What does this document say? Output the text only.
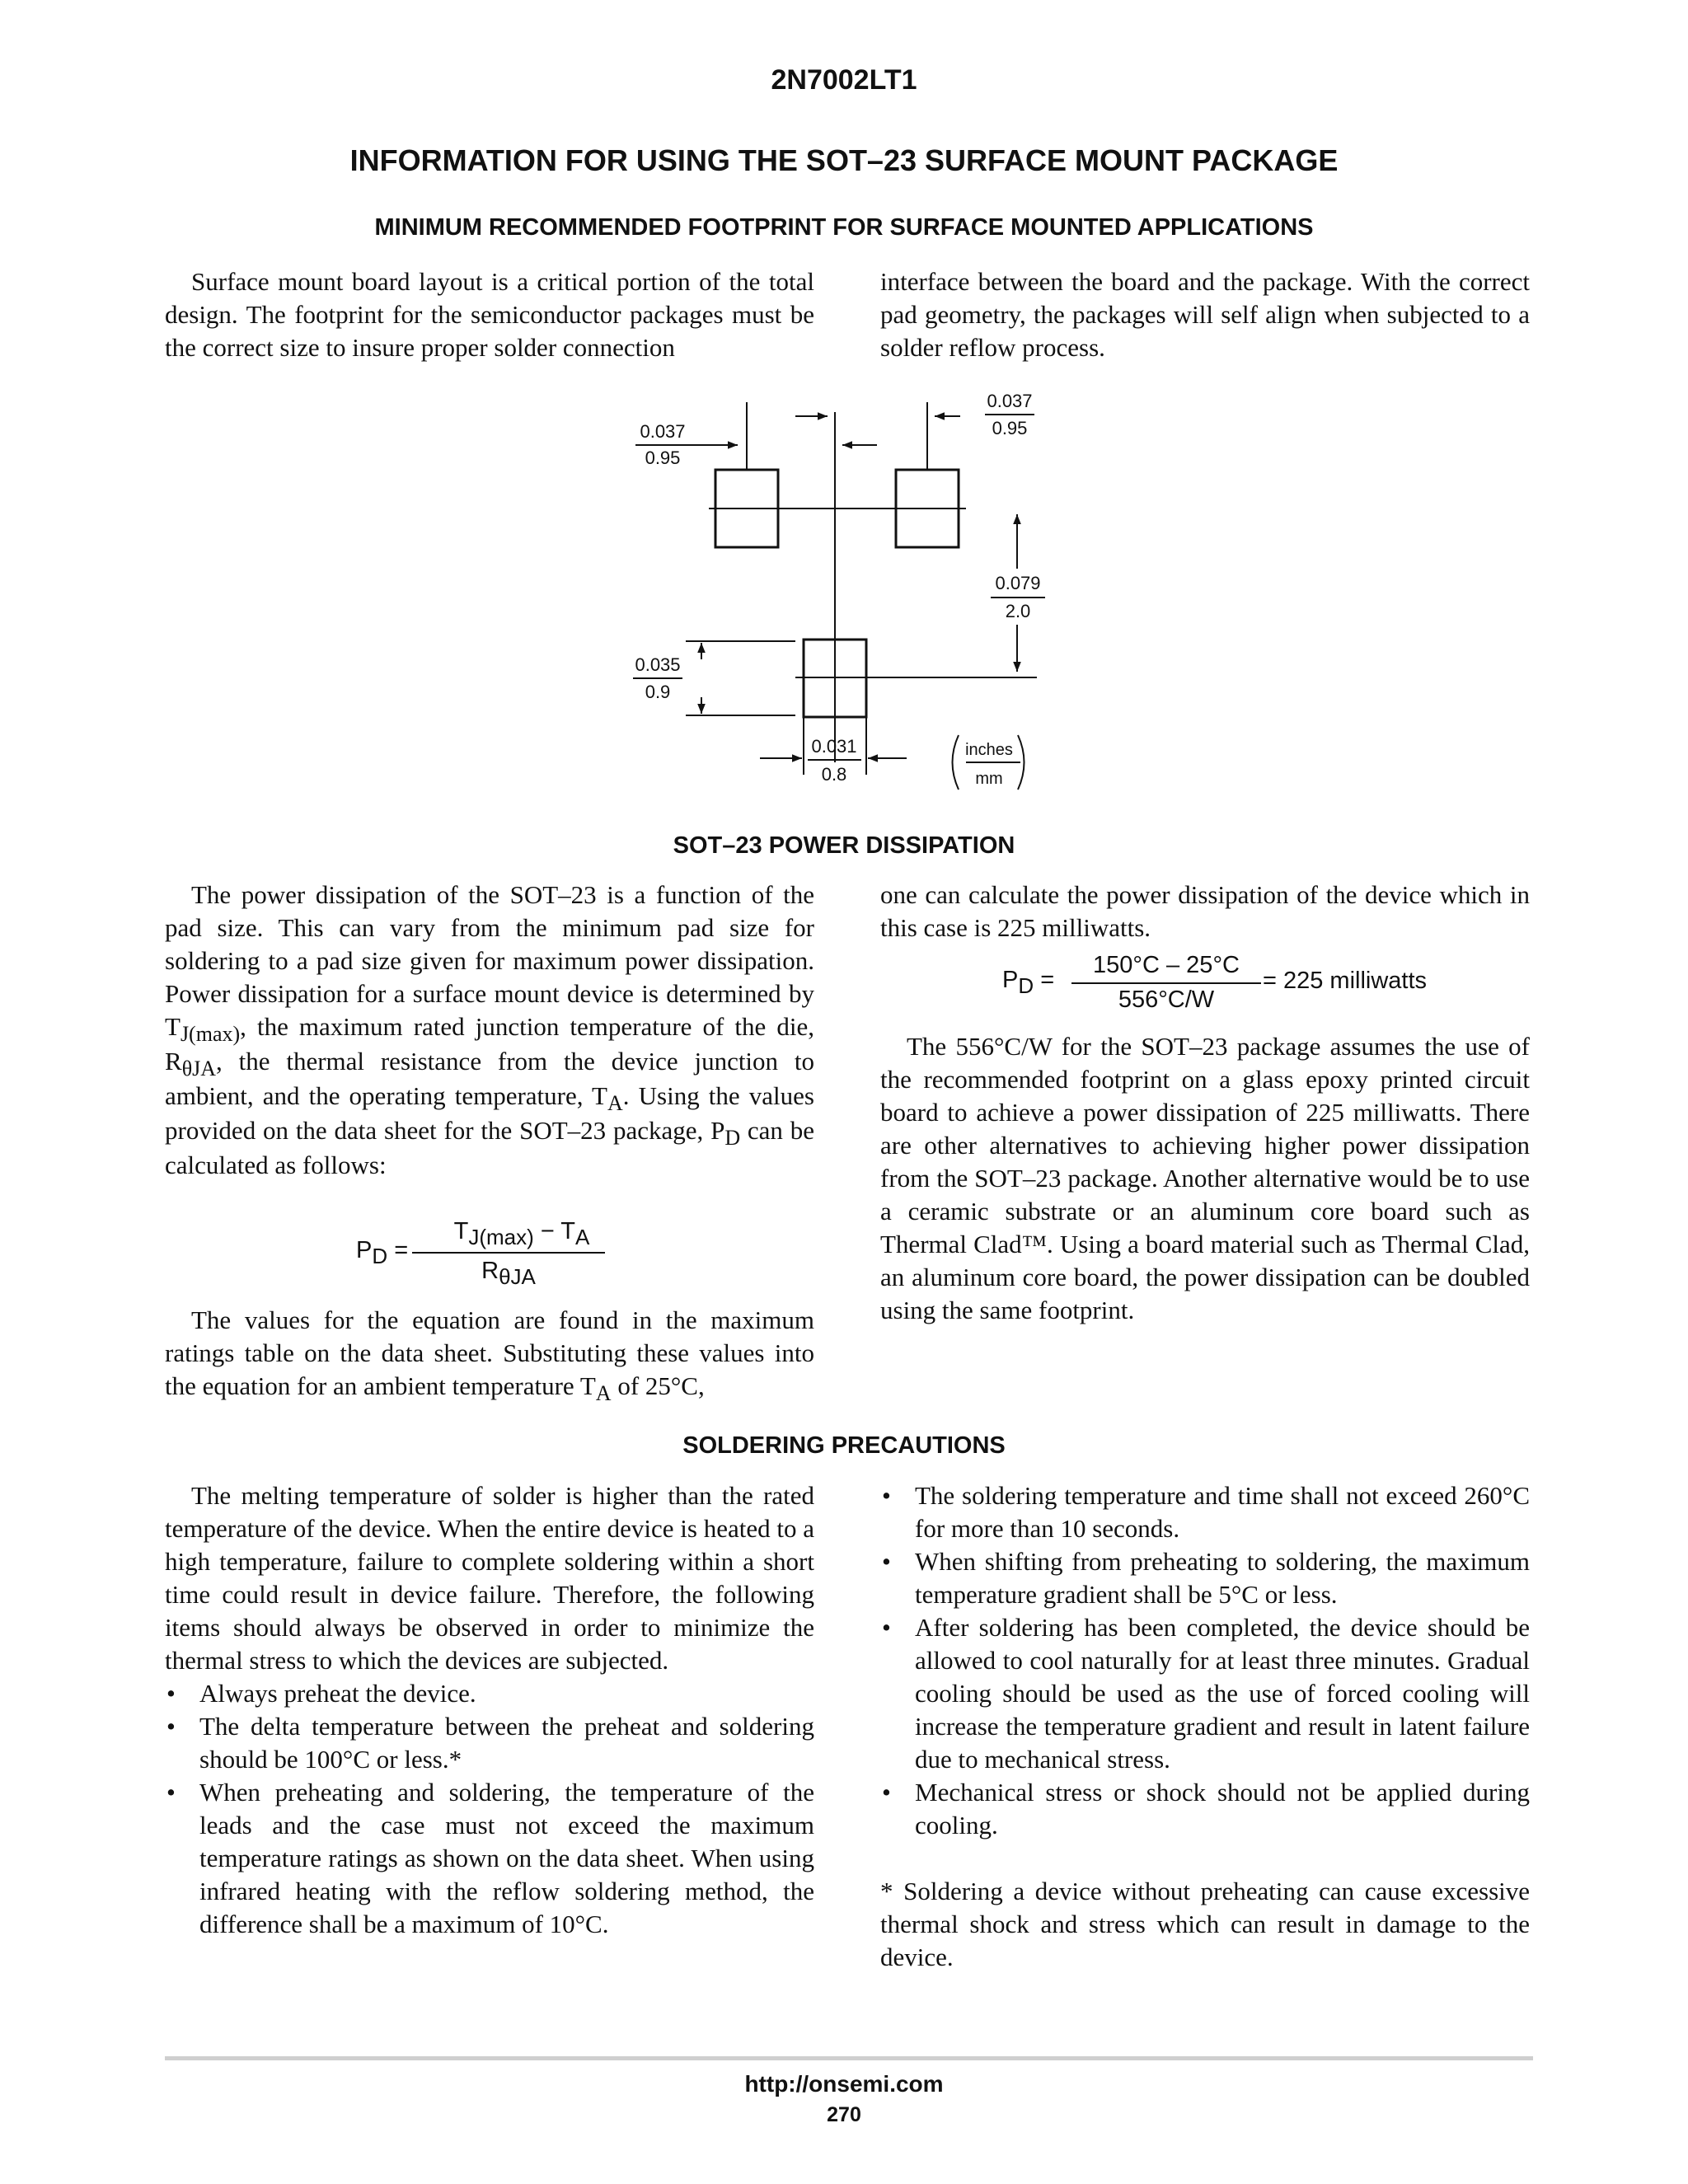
2N7002LT1
INFORMATION FOR USING THE SOT–23 SURFACE MOUNT PACKAGE
MINIMUM RECOMMENDED FOOTPRINT FOR SURFACE MOUNTED APPLICATIONS

Surface mount board layout is a critical portion of the total design. The footprint for the semiconductor packages must be the correct size to insure proper solder connection

interface between the board and the package. With the correct pad geometry, the packages will self align when subjected to a solder reflow process.

0.037
0.95
0.037
0.95
0.079
2.0
0.035
0.9
0.031
0.8
inches
mm
SOT–23 POWER DISSIPATION

The power dissipation of the SOT–23 is a function of the pad size. This can vary from the minimum pad size for soldering to a pad size given for maximum power dissipation. Power dissipation for a surface mount device is determined by $T_{J(max)}$, the maximum rated junction temperature of the die, $R_{\theta JA}$, the thermal resistance from the device junction to ambient, and the operating temperature, $T_A$. Using the values provided on the data sheet for the SOT–23 package, $P_D$ can be calculated as follows:

PD =
TJ(max) − TA
RθJA

The values for the equation are found in the maximum ratings table on the data sheet. Substituting these values into the equation for an ambient temperature $T_A$ of 25°C,

one can calculate the power dissipation of the device which in this case is 225 milliwatts.

PD =
150°C – 25°C
556°C/W
= 225 milliwatts

The 556°C/W for the SOT–23 package assumes the use of the recommended footprint on a glass epoxy printed circuit board to achieve a power dissipation of 225 milliwatts. There are other alternatives to achieving higher power dissipation from the SOT–23 package. Another alternative would be to use a ceramic substrate or an aluminum core board such as Thermal Clad™. Using a board material such as Thermal Clad, an aluminum core board, the power dissipation can be doubled using the same footprint.

SOLDERING PRECAUTIONS

The melting temperature of solder is higher than the rated temperature of the device. When the entire device is heated to a high temperature, failure to complete soldering within a short time could result in device failure. Therefore, the following items should always be observed in order to minimize the thermal stress to which the devices are subjected.

• Always preheat the device.
• The delta temperature between the preheat and soldering should be 100°C or less.*
• When preheating and soldering, the temperature of the leads and the case must not exceed the maximum temperature ratings as shown on the data sheet. When using infrared heating with the reflow soldering method, the difference shall be a maximum of 10°C.
• The soldering temperature and time shall not exceed 260°C for more than 10 seconds.
• When shifting from preheating to soldering, the maximum temperature gradient shall be 5°C or less.
• After soldering has been completed, the device should be allowed to cool naturally for at least three minutes. Gradual cooling should be used as the use of forced cooling will increase the temperature gradient and result in latent failure due to mechanical stress.
• Mechanical stress or shock should not be applied during cooling.

* Soldering a device without preheating can cause excessive thermal shock and stress which can result in damage to the device.

http://onsemi.com
270
